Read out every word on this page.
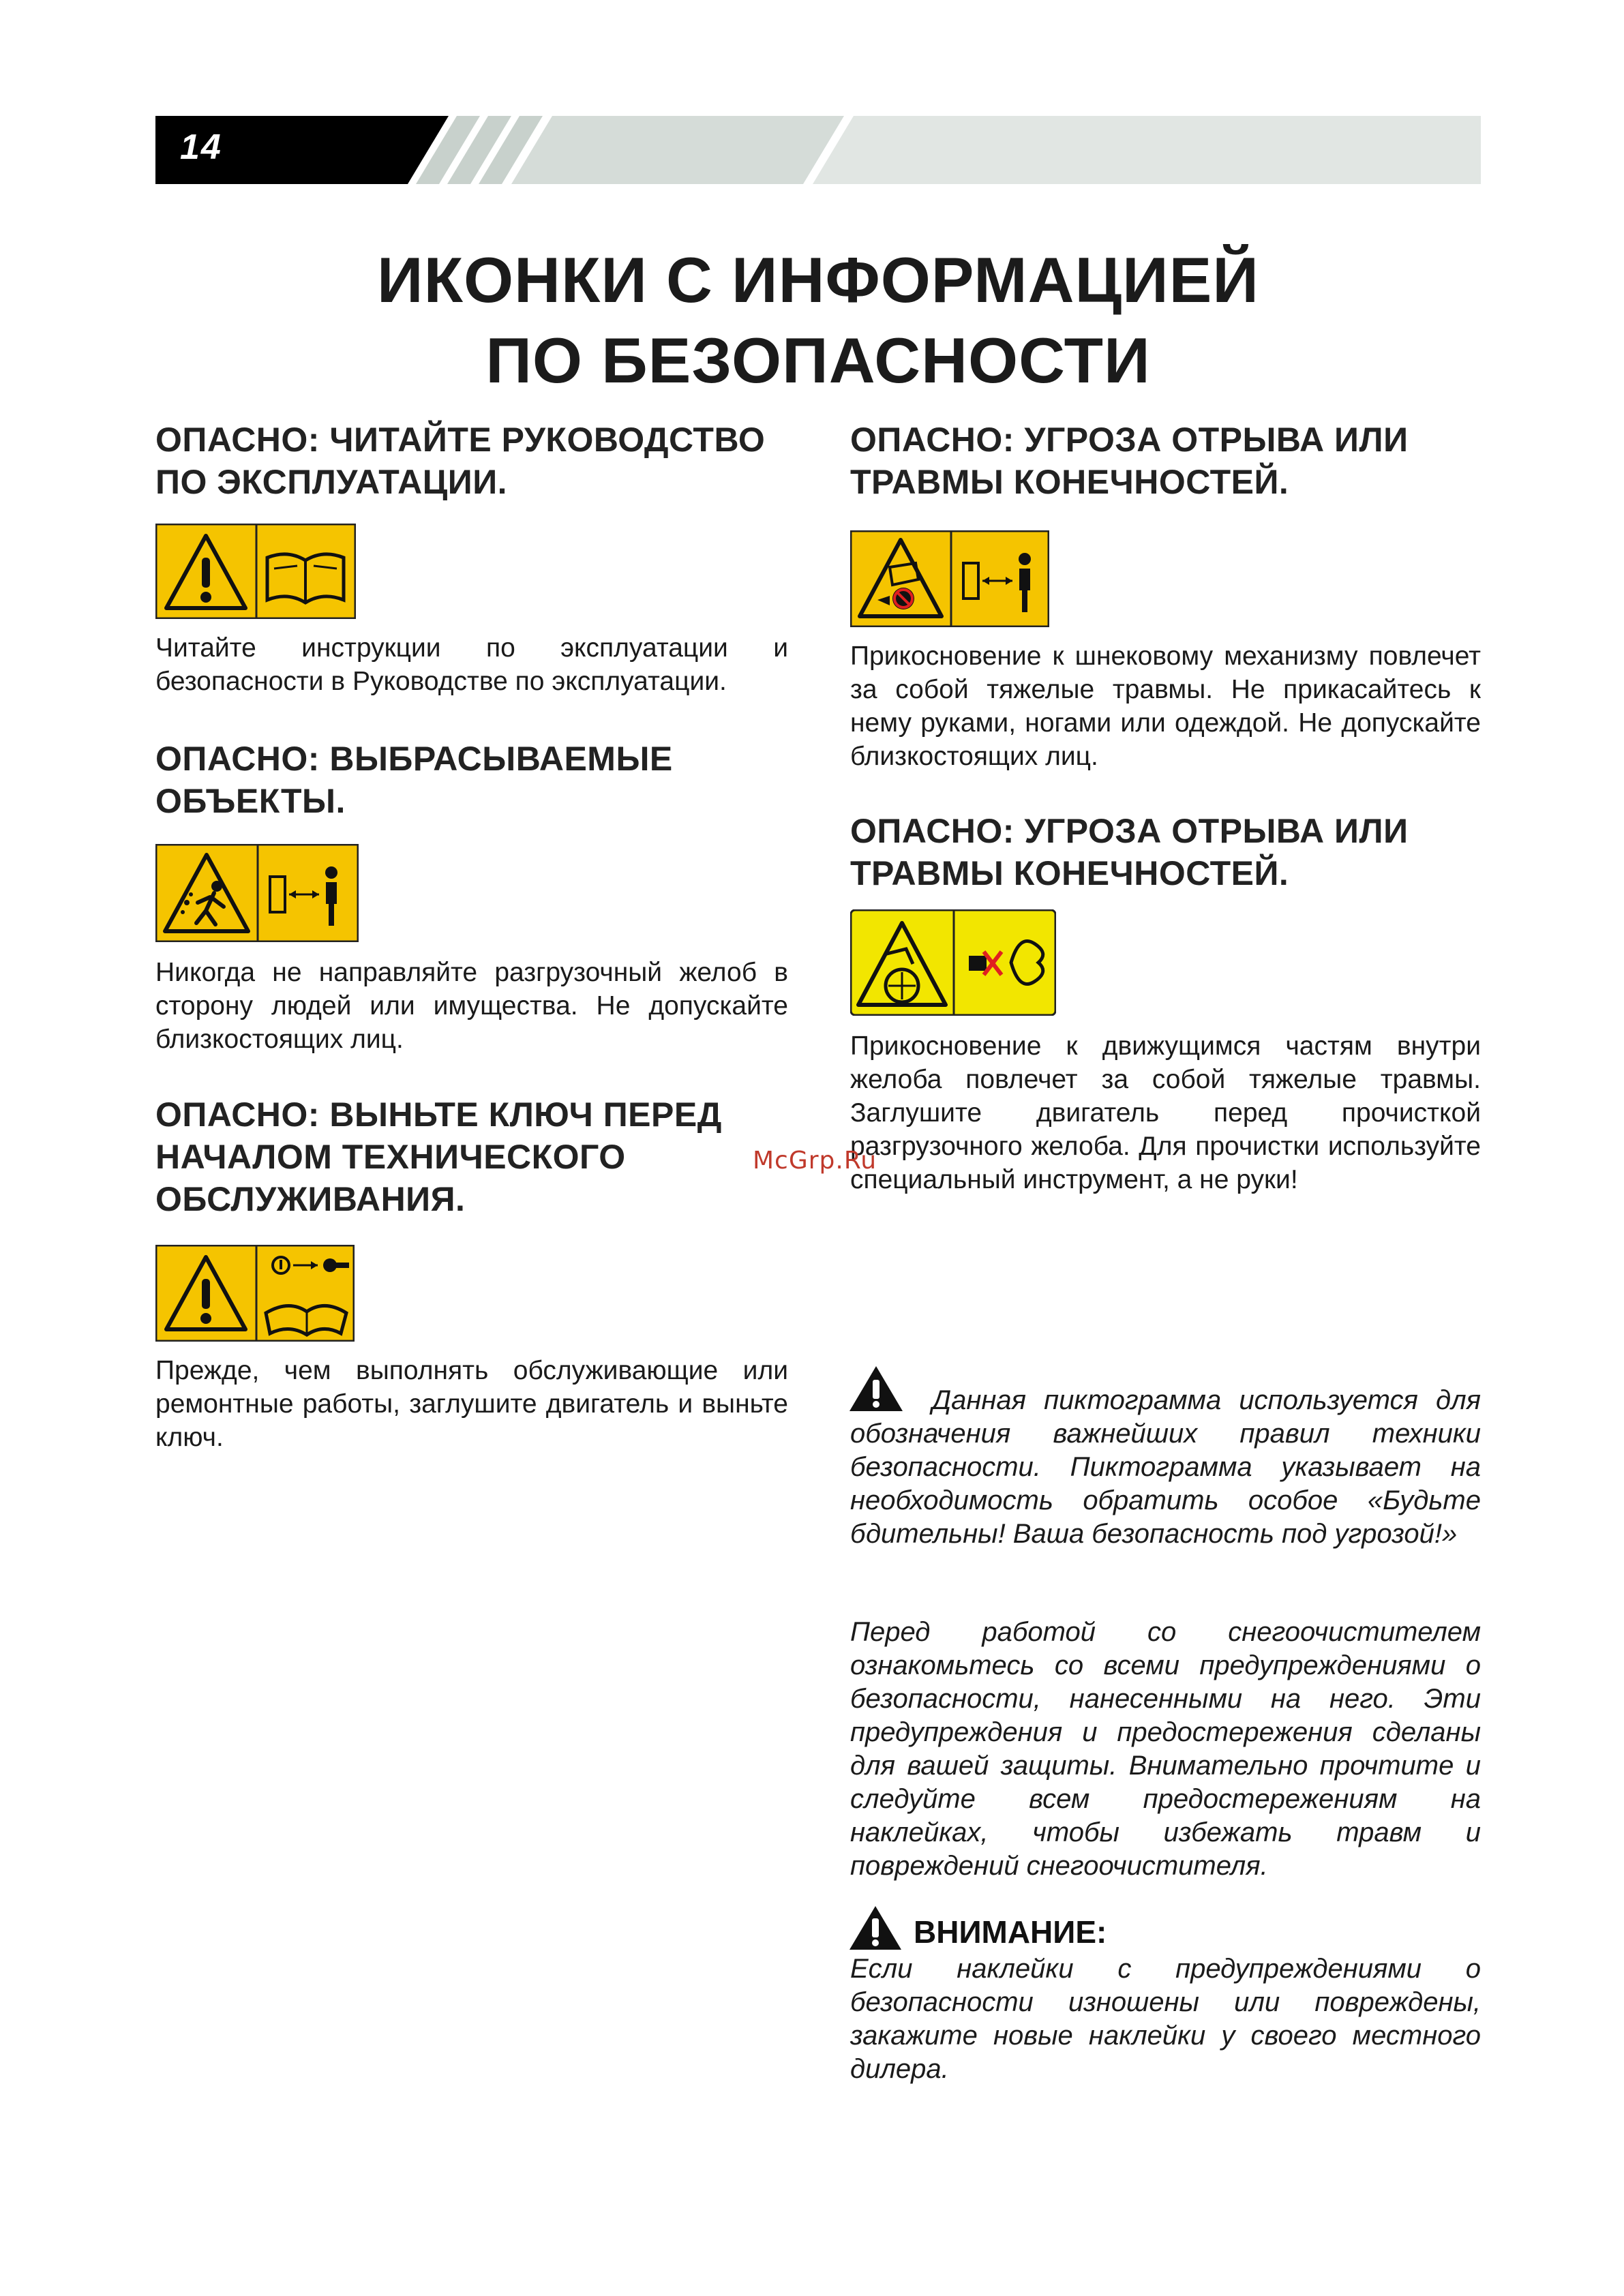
14
ИКОНКИ С ИНФОРМАЦИЕЙ
ПО БЕЗОПАСНОСТИ
ОПАСНО: ЧИТАЙТЕ РУКОВОДСТВО ПО ЭКСПЛУАТАЦИИ.

Читайте инструкции по эксплуатации и безопасности в Руководстве по эксплуатации.

ОПАСНО: ВЫБРАСЫВАЕМЫЕ ОБЪЕКТЫ.

Никогда не направляйте разгрузочный желоб в сторону людей или имущества. Не допускайте близкостоящих лиц.

ОПАСНО: ВЫНЬТЕ КЛЮЧ ПЕРЕД НАЧАЛОМ ТЕХНИЧЕСКОГО ОБСЛУЖИВАНИЯ.

Прежде, чем выполнять обслуживающие или ремонтные работы, заглушите двигатель и выньте ключ.

ОПАСНО: УГРОЗА ОТРЫВА ИЛИ ТРАВМЫ КОНЕЧНОСТЕЙ.

Прикосновение к шнековому механизму повлечет за собой тяжелые травмы. Не прикасайтесь к нему руками, ногами или одеждой. Не допускайте близкостоящих лиц.

ОПАСНО: УГРОЗА ОТРЫВА ИЛИ ТРАВМЫ КОНЕЧНОСТЕЙ.

Прикосновение к движущимся частям внутри желоба повлечет за собой тяжелые травмы. Заглушите двигатель перед прочисткой разгрузочного желоба. Для прочистки используйте специальный инструмент, а не руки!

Данная пиктограмма используется для обозначения важнейших правил техники безопасности. Пиктограмма указывает на необходимость обратить особое «Будьте бдительны! Ваша безопасность под угрозой!»

Перед работой со снегоочистителем ознакомьтесь со всеми предупреждениями о безопасности, нанесенными на него. Эти предупреждения и предостережения сделаны для вашей защиты. Внимательно прочтите и следуйте всем предостережениям на наклейках, чтобы избежать травм и повреждений снегоочистителя.

ВНИМАНИЕ:

Если наклейки с предупреждениями о безопасности изношены или повреждены, закажите новые наклейки у своего местного дилера.

McGrp.Ru
